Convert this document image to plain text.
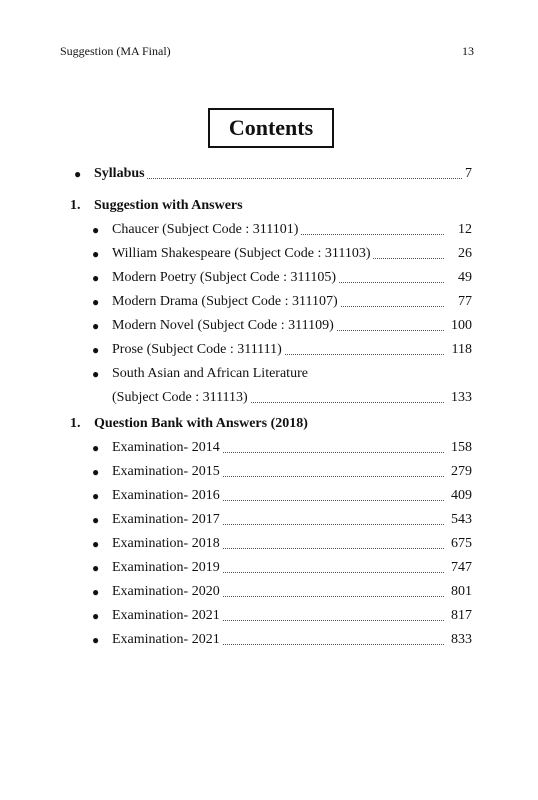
Suggestion (MA Final)	13
Contents
● Syllabus	7
1. Suggestion with Answers
● Chaucer (Subject Code : 311101)	12
● William Shakespeare (Subject Code : 311103)	26
● Modern Poetry (Subject Code : 311105)	49
● Modern Drama (Subject Code : 311107)	77
● Modern Novel (Subject Code : 311109)	100
● Prose (Subject Code : 311111)	118
● South Asian and African Literature
(Subject Code : 311113)	133
1. Question Bank with Answers (2018)
● Examination- 2014	158
● Examination- 2015	279
● Examination- 2016	409
● Examination- 2017	543
● Examination- 2018	675
● Examination- 2019	747
● Examination- 2020	801
● Examination- 2021	817
● Examination- 2021	833
